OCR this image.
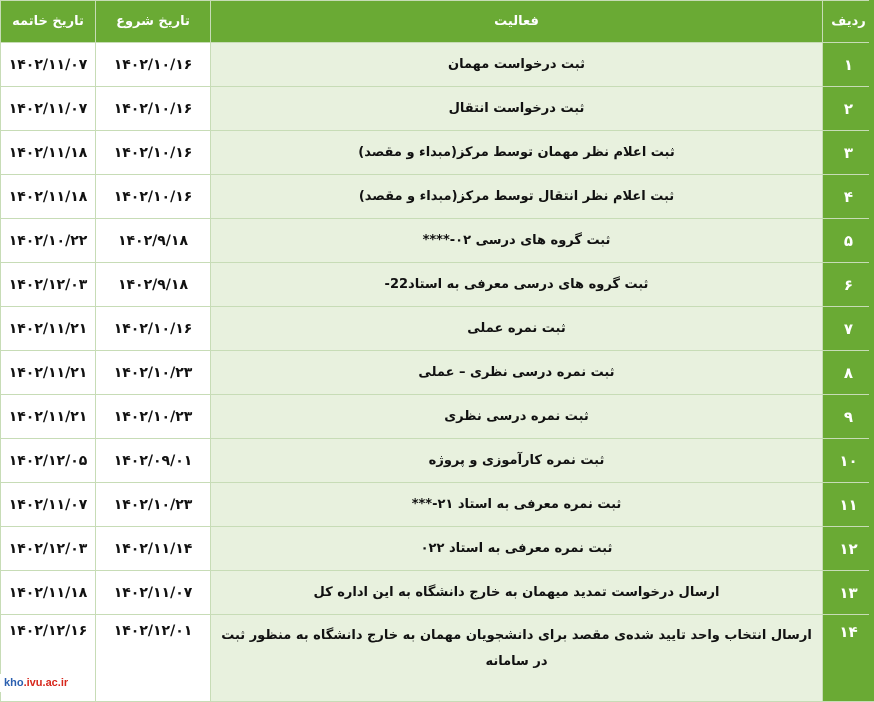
تاریخ خاتمه	تاریخ شروع	فعالیت	ردیف
۱۴۰۲/۱۱/۰۷	۱۴۰۲/۱۰/۱۶	ثبت درخواست مهمان	۱
۱۴۰۲/۱۱/۰۷	۱۴۰۲/۱۰/۱۶	ثبت درخواست انتقال	۲
۱۴۰۲/۱۱/۱۸	۱۴۰۲/۱۰/۱۶	ثبت اعلام نظر مهمان توسط مرکز(مبداء و مقصد)	۳
۱۴۰۲/۱۱/۱۸	۱۴۰۲/۱۰/۱۶	ثبت اعلام نظر انتقال توسط مرکز(مبداء و مقصد)	۴
۱۴۰۲/۱۰/۲۲	۱۴۰۲/۹/۱۸	ثبت گروه های درسی ۰۲-****	۵
۱۴۰۲/۱۲/۰۳	۱۴۰۲/۹/۱۸	ثبت گروه های درسی معرفی به استاد22-	۶
۱۴۰۲/۱۱/۲۱	۱۴۰۲/۱۰/۱۶	ثبت نمره عملی	۷
۱۴۰۲/۱۱/۲۱	۱۴۰۲/۱۰/۲۳	ثبت نمره درسی نظری – عملی	۸
۱۴۰۲/۱۱/۲۱	۱۴۰۲/۱۰/۲۳	ثبت نمره درسی نظری	۹
۱۴۰۲/۱۲/۰۵	۱۴۰۲/۰۹/۰۱	ثبت نمره کارآموزی و پروژه	۱۰
۱۴۰۲/۱۱/۰۷	۱۴۰۲/۱۰/۲۳	ثبت نمره معرفی به استاد ۲۱-***	۱۱
۱۴۰۲/۱۲/۰۳	۱۴۰۲/۱۱/۱۴	ثبت نمره معرفی به استاد ۰۲۲	۱۲
۱۴۰۲/۱۱/۱۸	۱۴۰۲/۱۱/۰۷	ارسال درخواست تمدید میهمان به خارج دانشگاه به این اداره کل	۱۳
۱۴۰۲/۱۲/۱۶	۱۴۰۲/۱۲/۰۱	ارسال انتخاب واحد تایید شده‌ی مقصد برای دانشجویان مهمان به خارج دانشگاه به منظور ثبت در سامانه	۱۴
kho.ivu.ac.ir
